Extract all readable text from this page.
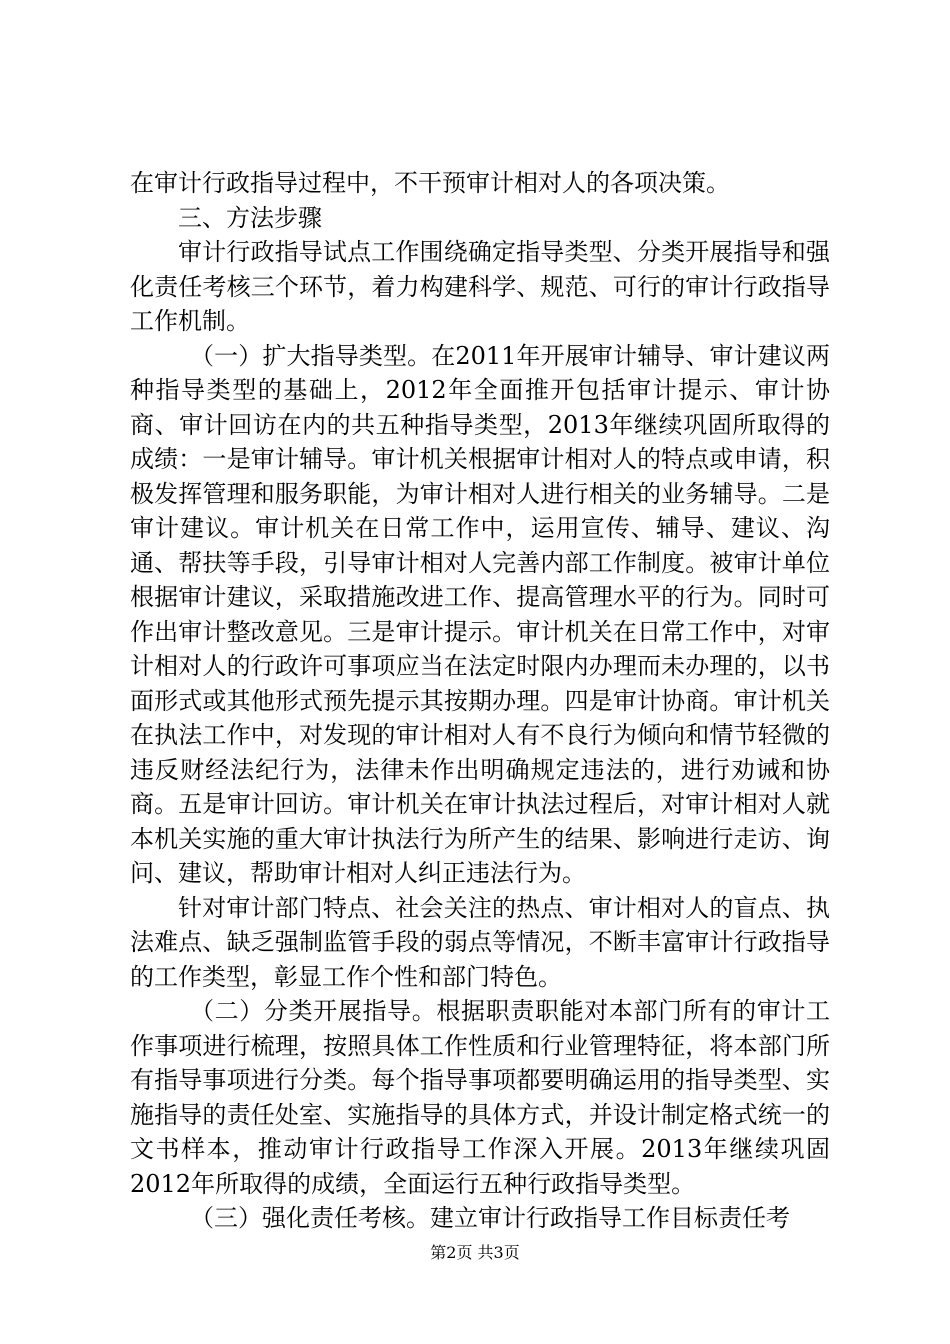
在审计行政指导过程中，不干预审计相对人的各项决策。

三、方法步骤

审计行政指导试点工作围绕确定指导类型、分类开展指导和强化责任考核三个环节，着力构建科学、规范、可行的审计行政指导工作机制。

（一）扩大指导类型。在2011年开展审计辅导、审计建议两种指导类型的基础上，2012年全面推开包括审计提示、审计协商、审计回访在内的共五种指导类型，2013年继续巩固所取得的成绩：一是审计辅导。审计机关根据审计相对人的特点或申请，积极发挥管理和服务职能，为审计相对人进行相关的业务辅导。二是审计建议。审计机关在日常工作中，运用宣传、辅导、建议、沟通、帮扶等手段，引导审计相对人完善内部工作制度。被审计单位根据审计建议，采取措施改进工作、提高管理水平的行为。同时可作出审计整改意见。三是审计提示。审计机关在日常工作中，对审计相对人的行政许可事项应当在法定时限内办理而未办理的，以书面形式或其他形式预先提示其按期办理。四是审计协商。审计机关在执法工作中，对发现的审计相对人有不良行为倾向和情节轻微的违反财经法纪行为，法律未作出明确规定违法的，进行劝诫和协商。五是审计回访。审计机关在审计执法过程后，对审计相对人就本机关实施的重大审计执法行为所产生的结果、影响进行走访、询问、建议，帮助审计相对人纠正违法行为。

针对审计部门特点、社会关注的热点、审计相对人的盲点、执法难点、缺乏强制监管手段的弱点等情况，不断丰富审计行政指导的工作类型，彰显工作个性和部门特色。

（二）分类开展指导。根据职责职能对本部门所有的审计工作事项进行梳理，按照具体工作性质和行业管理特征，将本部门所有指导事项进行分类。每个指导事项都要明确运用的指导类型、实施指导的责任处室、实施指导的具体方式，并设计制定格式统一的文书样本，推动审计行政指导工作深入开展。2013年继续巩固2012年所取得的成绩，全面运行五种行政指导类型。

（三）强化责任考核。建立审计行政指导工作目标责任考

第2页 共3页
